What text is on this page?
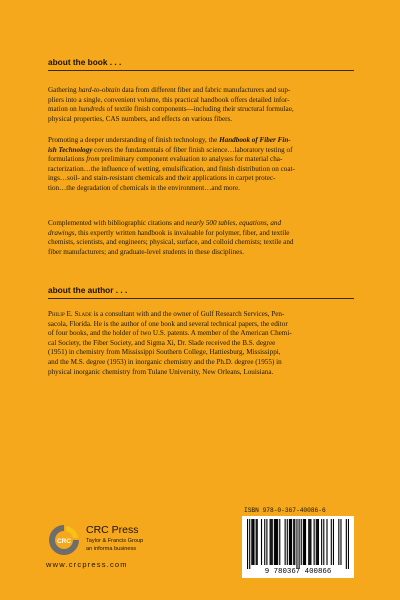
about the book . . .

Gathering hard-to-obtain data from different fiber and fabric manufacturers and sup-
pliers into a single, convenient volume, this practical handbook offers detailed infor-
mation on hundreds of textile finish components—including their structural formulae,
physical properties, CAS numbers, and effects on various fibers.

Promoting a deeper understanding of finish technology, the Handbook of Fiber Fin-
ish Technology covers the fundamentals of fiber finish science…laboratory testing of
formulations from preliminary component evaluation to analyses for material cha-
racterization…the influence of wetting, emulsification, and finish distribution on coat-
ings…soil- and stain-resistant chemicals and their applications in carpet protec-
tion…the degradation of chemicals in the environment…and more.

Complemented with bibliographic citations and nearly 500 tables, equations, and
drawings, this expertly written handbook is invaluable for polymer, fiber, and textile
chemists, scientists, and engineers; physical, surface, and colloid chemists; textile and
fiber manufacturers; and graduate-level students in these disciplines.

about the author . . .

Philip E. Slade is a consultant with and the owner of Gulf Research Services, Pen-
sacola, Florida. He is the author of one book and several technical papers, the editor
of four books, and the holder of two U.S. patents. A member of the American Chemi-
cal Society, the Fiber Society, and Sigma Xi, Dr. Slade received the B.S. degree
(1951) in chemistry from Mississippi Southern College, Hattiesburg, Mississippi,
and the M.S. degree (1953) in inorganic chemistry and the Ph.D. degree (1955) in
physical inorganic chemistry from Tulane University, New Orleans, Louisiana.

CRC
CRC Press
Taylor & Francis Group
an informa business
www.crcpress.com
ISBN 978-0-367-40086-6
9 780367 400866
